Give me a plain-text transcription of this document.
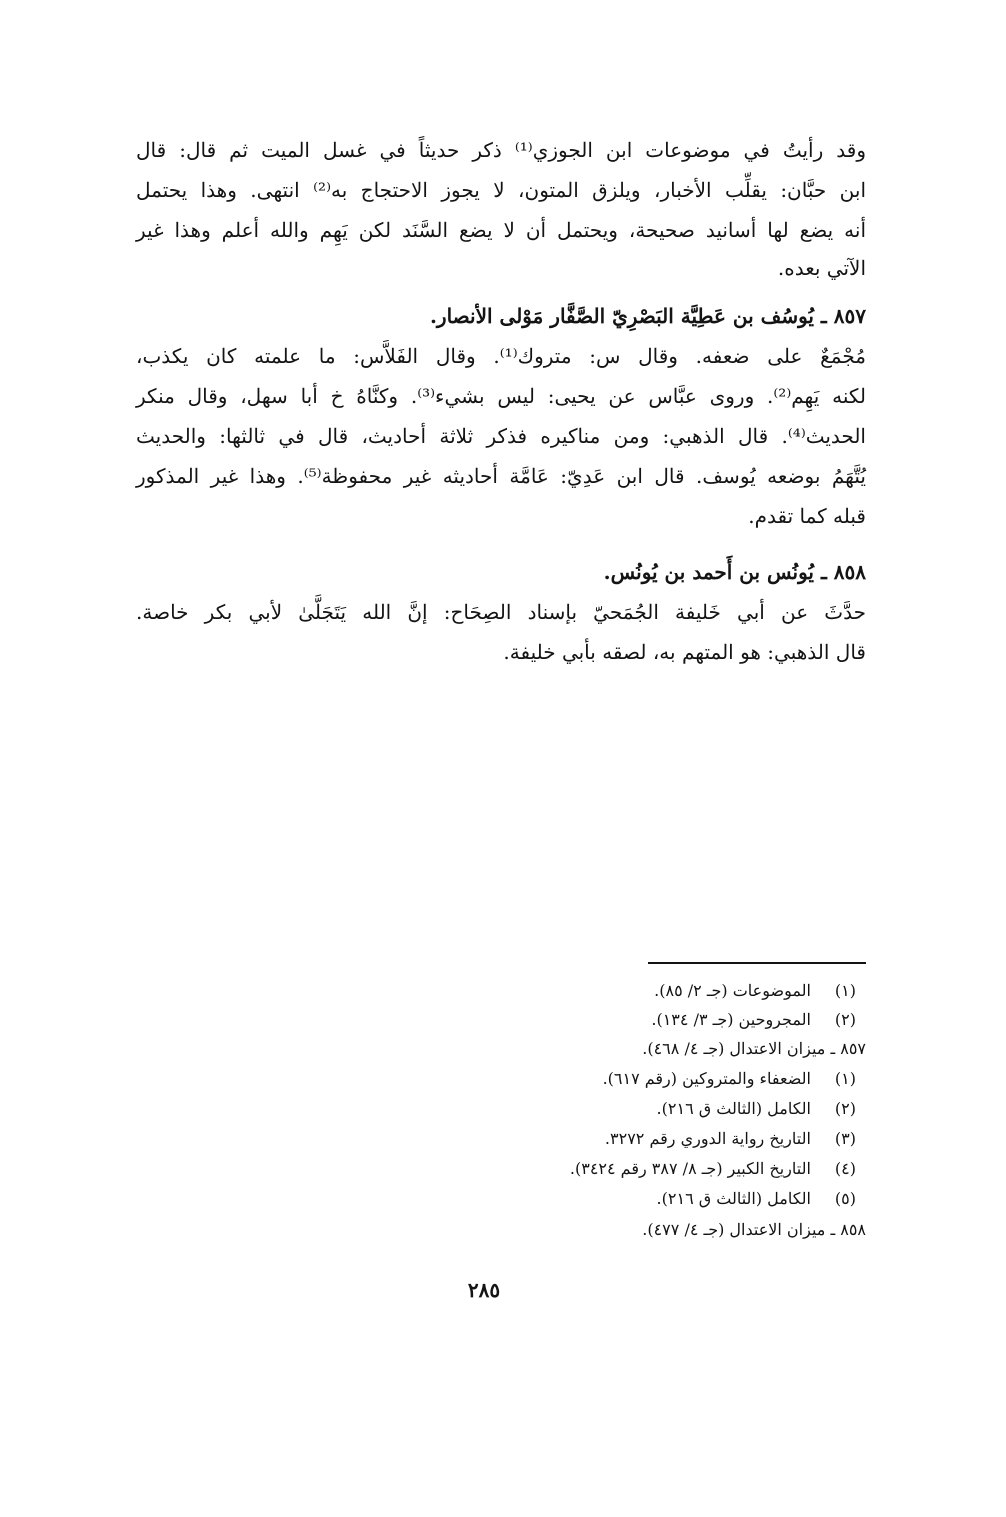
وقد رأيتُ في موضوعات ابن الجوزي⁽¹⁾ ذكر حديثاً في غسل الميت ثم قال: قال
ابن حبَّان: يقلِّب الأخبار، ويلزق المتون، لا يجوز الاحتجاج به⁽²⁾ انتهى. وهذا يحتمل
أنه يضع لها أسانيد صحيحة، ويحتمل أن لا يضع السَّنَد لكن يَهِم والله أعلم وهذا غير
الآتي بعده.
٨٥٧ ـ يُوسُف بن عَطِيَّة البَصْرِيّ الصَّفَّار مَوْلى الأنصار.
مُجْمَعٌ على ضعفه. وقال س: متروك⁽¹⁾. وقال الفَلاَّس: ما علمته كان يكذب،
لكنه يَهِم⁽²⁾. وروى عبَّاس عن يحيى: ليس بشيء⁽³⁾. وكنَّاهُ خ أبا سهل، وقال منكر
الحديث⁽⁴⁾. قال الذهبي: ومن مناكيره فذكر ثلاثة أحاديث، قال في ثالثها: والحديث
يُتَّهَمُ بوضعه يُوسف. قال ابن عَدِيّ: عَامَّة أحاديثه غير محفوظة⁽⁵⁾. وهذا غير المذكور
قبله كما تقدم.
٨٥٨ ـ يُونُس بن أَحمد بن يُونُس.
حدَّثَ عن أبي خَليفة الجُمَحيّ بإسناد الصِحَاح: إنَّ الله يَتَجَلَّىٰ لأبي بكر خاصة.
قال الذهبي: هو المتهم به، لصقه بأبي خليفة.
(١) الموضوعات (جـ ٢/ ٨٥).
(٢) المجروحين (جـ ٣/ ١٣٤).
٨٥٧ ـ ميزان الاعتدال (جـ ٤/ ٤٦٨).
(١) الضعفاء والمتروكين (رقم ٦١٧).
(٢) الكامل (الثالث ق ٢١٦).
(٣) التاريخ رواية الدوري رقم ٣٢٧٢.
(٤) التاريخ الكبير (جـ ٨/ ٣٨٧ رقم ٣٤٢٤).
(٥) الكامل (الثالث ق ٢١٦).
٨٥٨ ـ ميزان الاعتدال (جـ ٤/ ٤٧٧).
٢٨٥
